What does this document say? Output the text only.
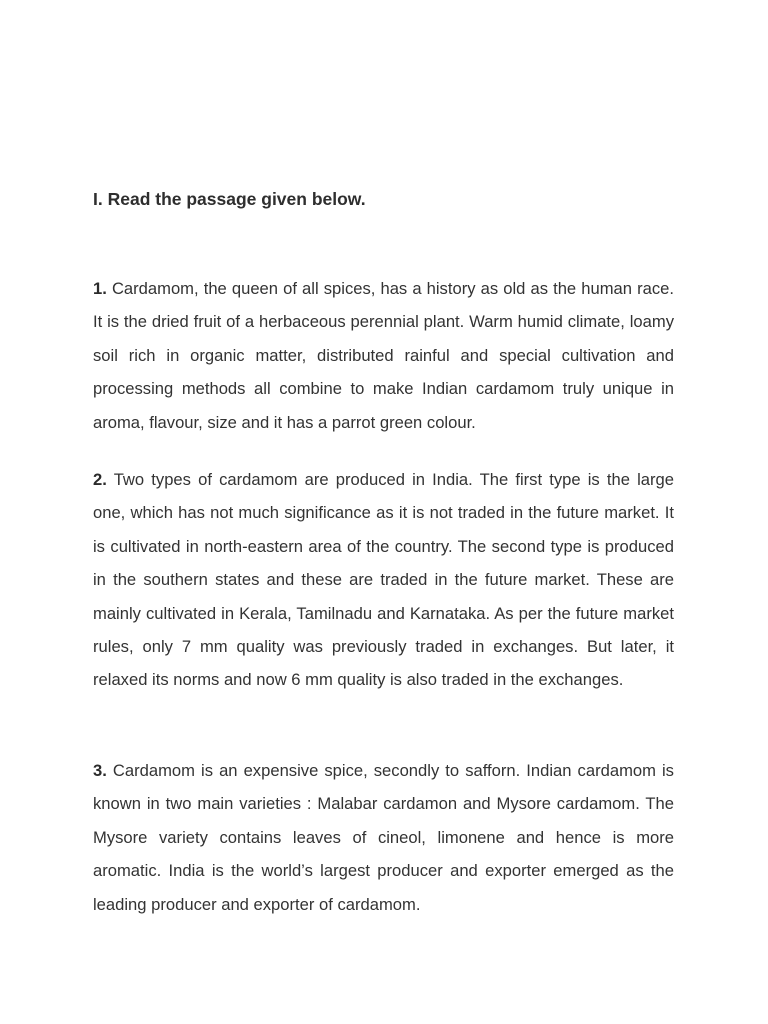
I. Read the passage given below.

1. Cardamom, the queen of all spices, has a history as old as the human race. It is the dried fruit of a herbaceous perennial plant. Warm humid climate, loamy soil rich in organic matter, distributed rainful and special cultivation and processing methods all combine to make Indian cardamom truly unique in aroma, flavour, size and it has a parrot green colour.

2. Two types of cardamom are produced in India. The first type is the large one, which has not much significance as it is not traded in the future market. It is cultivated in north-eastern area of the country. The second type is produced in the southern states and these are traded in the future market. These are mainly cultivated in Kerala, Tamilnadu and Karnataka. As per the future market rules, only 7 mm quality was previously traded in exchanges. But later, it relaxed its norms and now 6 mm quality is also traded in the exchanges.

3. Cardamom is an expensive spice, secondly to safforn. Indian cardamom is known in two main varieties : Malabar cardamon and Mysore cardamom. The Mysore variety contains leaves of cineol, limonene and hence is more aromatic. India is the world’s largest producer and exporter emerged as the leading producer and exporter of cardamom.
